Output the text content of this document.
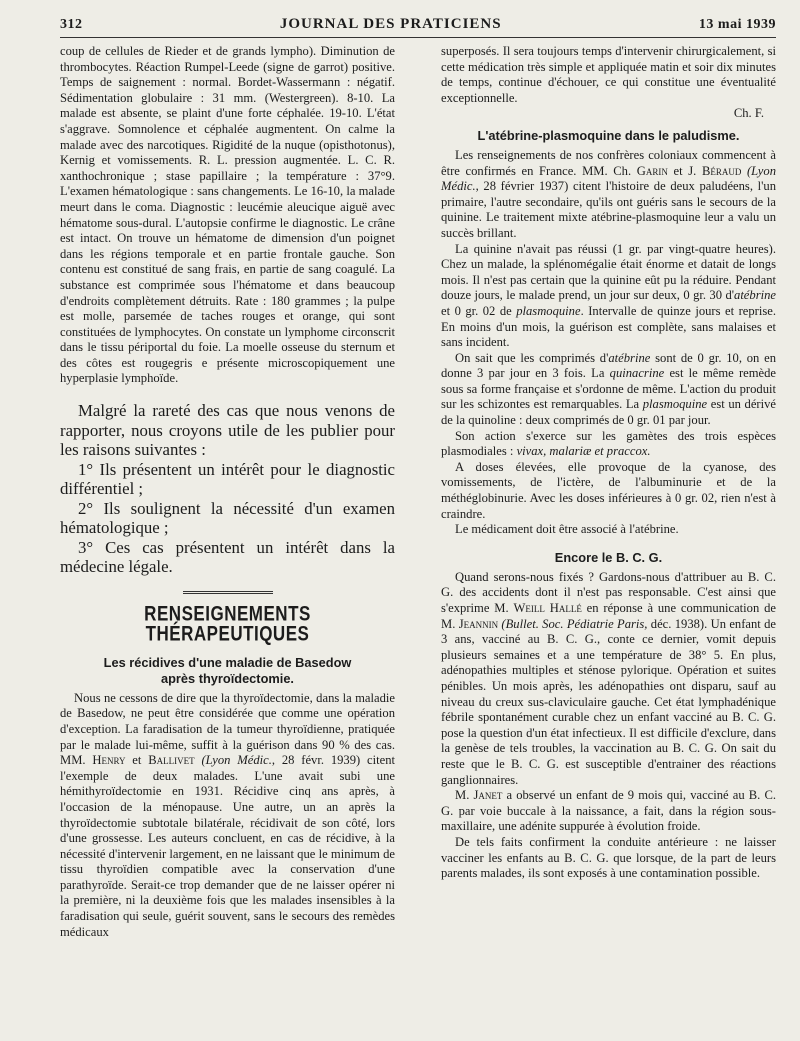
312	JOURNAL DES PRATICIENS	13 mai 1939

coup de cellules de Rieder et de grands lympho). Diminution de thrombocytes. Réaction Rumpel-Leede (signe de garrot) positive. Temps de saignement : normal. Bordet-Wassermann : négatif. Sédimentation globulaire : 31 mm. (Westergreen). 8-10. La malade est absente, se plaint d'une forte céphalée. 19-10. L'état s'aggrave. Somnolence et céphalée augmentent. On calme la malade avec des narcotiques. Rigidité de la nuque (opisthotonus), Kernig et vomissements. R. L. pression augmentée. L. C. R. xanthochronique ; stase papillaire ; la température : 37°9. L'examen hématologique : sans changements. Le 16-10, la malade meurt dans le coma. Diagnostic : leucémie aleucique aiguë avec hématome sous-dural. L'autopsie confirme le diagnostic. Le crâne est intact. On trouve un hématome de dimension d'un poignet dans les régions temporale et en partie frontale gauche. Son contenu est constitué de sang frais, en partie de sang coagulé. La substance est comprimée sous l'hématome et dans beaucoup d'endroits complètement détruits. Rate : 180 grammes ; la pulpe est molle, parsemée de taches rouges et orange, qui sont constituées de lymphocytes. On constate un lymphome circonscrit dans le tissu périportal du foie. La moelle osseuse du sternum et des côtes est rougegris e présente microscopiquement une hyperplasie lymphoïde.

Malgré la rareté des cas que nous venons de rapporter, nous croyons utile de les publier pour les raisons suivantes :

1° Ils présentent un intérêt pour le diagnostic différentiel ;

2° Ils soulignent la nécessité d'un examen hématologique ;

3° Ces cas présentent un intérêt dans la médecine légale.

RENSEIGNEMENTS THÉRAPEUTIQUES
Les récidives d'une maladie de Basedow
après thyroïdectomie.

Nous ne cessons de dire que la thyroïdectomie, dans la maladie de Basedow, ne peut être considérée que comme une opération d'exception. La faradisation de la tumeur thyroïdienne, pratiquée par le malade lui-même, suffit à la guérison dans 90 % des cas. MM. Henry et Ballivet (Lyon Médic., 28 févr. 1939) citent l'exemple de deux malades. L'une avait subi une hémithyroïdectomie en 1931. Récidive cinq ans après, à l'occasion de la ménopause. Une autre, un an après la thyroïdectomie subtotale bilatérale, récidivait de son côté, lors d'une grossesse. Les auteurs concluent, en cas de récidive, à la nécessité d'intervenir largement, en ne laissant que le minimum de tissu thyroïdien compatible avec la conservation d'une parathyroïde. Serait-ce trop demander que de ne laisser opérer ni la première, ni la deuxième fois que les malades insensibles à la faradisation qui seule, guérit souvent, sans le secours des remèdes médicaux

superposés. Il sera toujours temps d'intervenir chirurgicalement, si cette médication très simple et appliquée matin et soir dix minutes de temps, continue d'échouer, ce qui constitue une éventualité exceptionnelle.

Ch. F.
L'atébrine-plasmoquine dans le paludisme.

Les renseignements de nos confrères coloniaux commencent à être confirmés en France. MM. Ch. Garin et J. Béraud (Lyon Médic., 28 février 1937) citent l'histoire de deux paludéens, l'un primaire, l'autre secondaire, qu'ils ont guéris sans le secours de la quinine. Le traitement mixte atébrine-plasmoquine leur a valu un succès brillant.

La quinine n'avait pas réussi (1 gr. par vingt-quatre heures). Chez un malade, la splénomégalie était énorme et datait de longs mois. Il n'est pas certain que la quinine eût pu la réduire. Pendant douze jours, le malade prend, un jour sur deux, 0 gr. 30 d'atébrine et 0 gr. 02 de plasmoquine. Intervalle de quinze jours et reprise. En moins d'un mois, la guérison est complète, sans malaises et sans incident.

On sait que les comprimés d'atébrine sont de 0 gr. 10, on en donne 3 par jour en 3 fois. La quinacrine est le même remède sous sa forme française et s'ordonne de même. L'action du produit sur les schizontes est remarquables. La plasmoquine est un dérivé de la quinoline : deux comprimés de 0 gr. 01 par jour.

Son action s'exerce sur les gamètes des trois espèces plasmodiales : vivax, malariæ et praccox.

A doses élevées, elle provoque de la cyanose, des vomissements, de l'ictère, de l'albuminurie et de la méthéglobinurie. Avec les doses inférieures à 0 gr. 02, rien n'est à craindre.

Le médicament doit être associé à l'atébrine.

Encore le B. C. G.

Quand serons-nous fixés ? Gardons-nous d'attribuer au B. C. G. des accidents dont il n'est pas responsable. C'est ainsi que s'exprime M. Weill Hallé en réponse à une communication de M. Jeannin (Bullet. Soc. Pédiatrie Paris, déc. 1938). Un enfant de 3 ans, vacciné au B. C. G., conte ce dernier, vomit depuis plusieurs semaines et a une température de 38° 5. En plus, adénopathies multiples et sténose pylorique. Opération et suites pénibles. Un mois après, les adénopathies ont disparu, sauf au niveau du creux sus-claviculaire gauche. Cet état lymphadénique fébrile spontanément curable chez un enfant vacciné au B. C. G. pose la question d'un état infectieux. Il est difficile d'exclure, dans la genèse de tels troubles, la vaccination au B. C. G. On sait du reste que le B. C. G. est susceptible d'entrainer des réactions ganglionnaires.

M. Janet a observé un enfant de 9 mois qui, vacciné au B. C. G. par voie buccale à la naissance, a fait, dans la région sous-maxillaire, une adénite suppurée à évolution froide.

De tels faits confirment la conduite antérieure : ne laisser vacciner les enfants au B. C. G. que lorsque, de la part de leurs parents malades, ils sont exposés à une contamination possible.
